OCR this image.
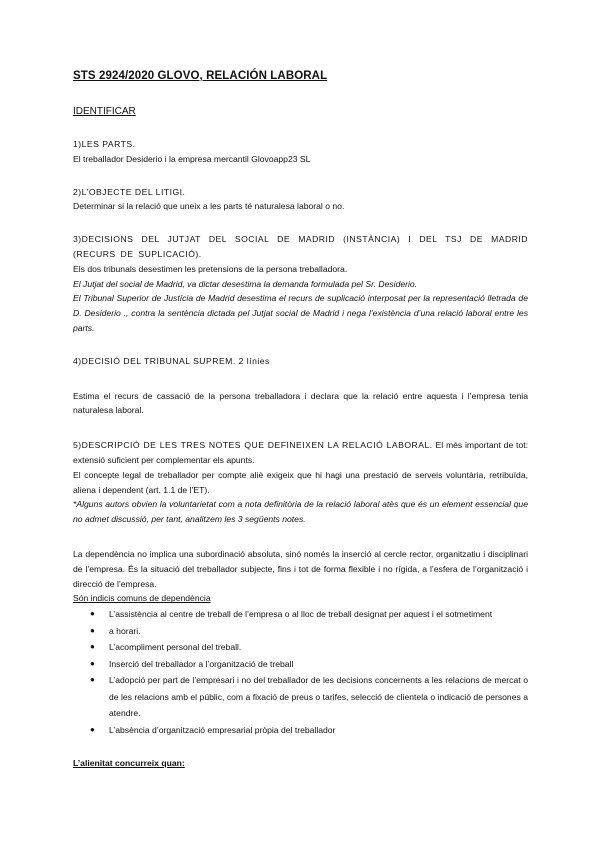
STS 2924/2020 GLOVO, RELACIÓN LABORAL
IDENTIFICAR
1)LES PARTS.
El treballador Desiderio i la empresa mercantil Glovoapp23 SL
2)L’OBJECTE DEL LITIGI.
Determinar si la relació que uneix a les parts té naturalesa laboral o no.
3)DECISIONS DEL JUTJAT DEL SOCIAL DE MADRID (INSTÀNCIA) I DEL TSJ DE MADRID (RECURS DE SUPLICACIÓ).
Els dos tribunals desestimen les pretensions de la persona treballadora.
El Jutjat del social de Madrid, va dictar desestima la demanda formulada pel Sr. Desiderio.
El Tribunal Superior de Justícia de Madrid desestima el recurs de suplicació interposat per la representació lletrada de D. Desiderio ., contra la sentència dictada pel Jutjat social de Madrid i nega l’existència d’una relació laboral entre les parts.
4)DECISIÓ DEL TRIBUNAL SUPREM. 2 línies
Estima el recurs de cassació de la persona treballadora i declara que la relació entre aquesta i l’empresa tenia naturalesa laboral.
5)DESCRIPCIÓ DE LES TRES NOTES QUE DEFINEIXEN LA RELACIÓ LABORAL. El més important de tot: extensió suficient per complementar els apunts.
El concepte legal de treballador per compte aliè exigeix que hi hagi una prestació de serveis voluntària, retribuïda, aliena i dependent (art. 1.1 de l’ET).
*Alguns autors obvien la voluntarietat com a nota definitòria de la relació laboral atès que és un element essencial que no admet discussió, per tant, analitzem les 3 següents notes.
La dependència no implica una subordinació absoluta, sinó només la inserció al cercle rector, organitzatiu i disciplinari de l’empresa. És la situació del treballador subjecte, fins i tot de forma flexible i no rígida, a l’esfera de l’organització i direcció de l’empresa.
Són indicis comuns de dependència
● L’assistència al centre de treball de l’empresa o al lloc de treball designat per aquest i el sotmetiment
● a horari.
● L’acompliment personal del treball.
● Inserció del treballador a l’organització de treball
● L’adopció per part de l’empresari i no del treballador de les decisions concernents a les relacions de mercat o de les relacions amb el públic, com a fixació de preus o tarifes, selecció de clientela o indicació de persones a atendre.
● L’absència d’organització empresarial pròpia del treballador
L’alienitat concurreix quan:
